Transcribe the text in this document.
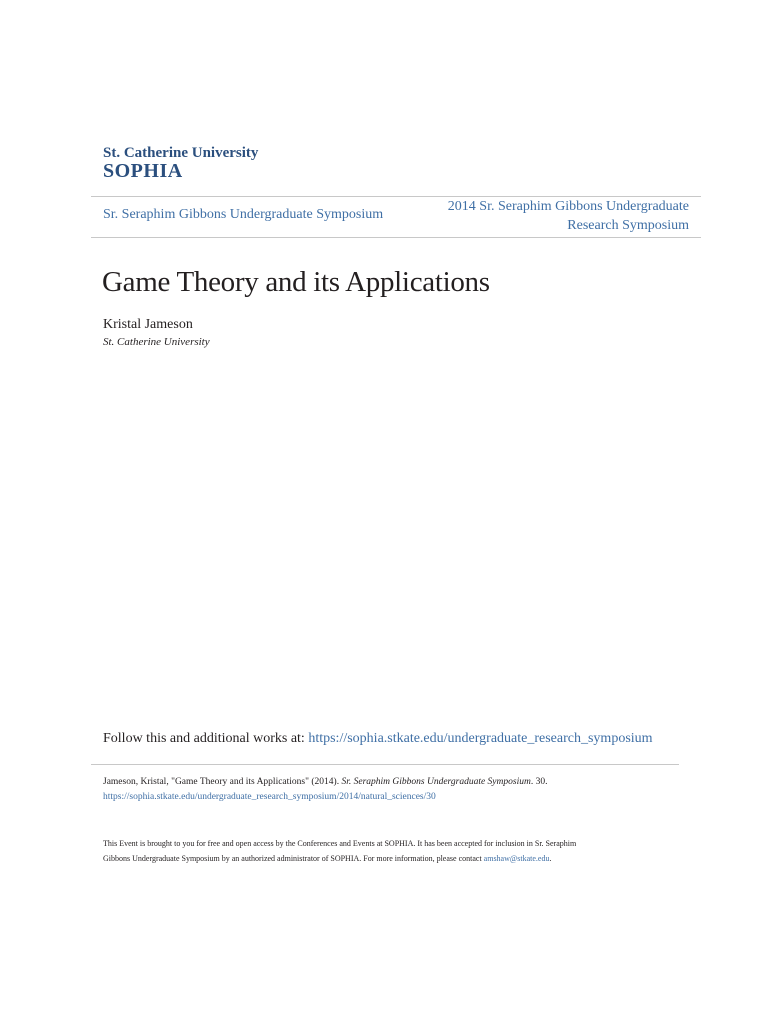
St. Catherine University
SOPHIA
Sr. Seraphim Gibbons Undergraduate Symposium
2014 Sr. Seraphim Gibbons Undergraduate
Research Symposium
Game Theory and its Applications
Kristal Jameson
St. Catherine University
Follow this and additional works at: https://sophia.stkate.edu/undergraduate_research_symposium
Jameson, Kristal, "Game Theory and its Applications" (2014). Sr. Seraphim Gibbons Undergraduate Symposium. 30.
https://sophia.stkate.edu/undergraduate_research_symposium/2014/natural_sciences/30
This Event is brought to you for free and open access by the Conferences and Events at SOPHIA. It has been accepted for inclusion in Sr. Seraphim
Gibbons Undergraduate Symposium by an authorized administrator of SOPHIA. For more information, please contact amshaw@stkate.edu.
